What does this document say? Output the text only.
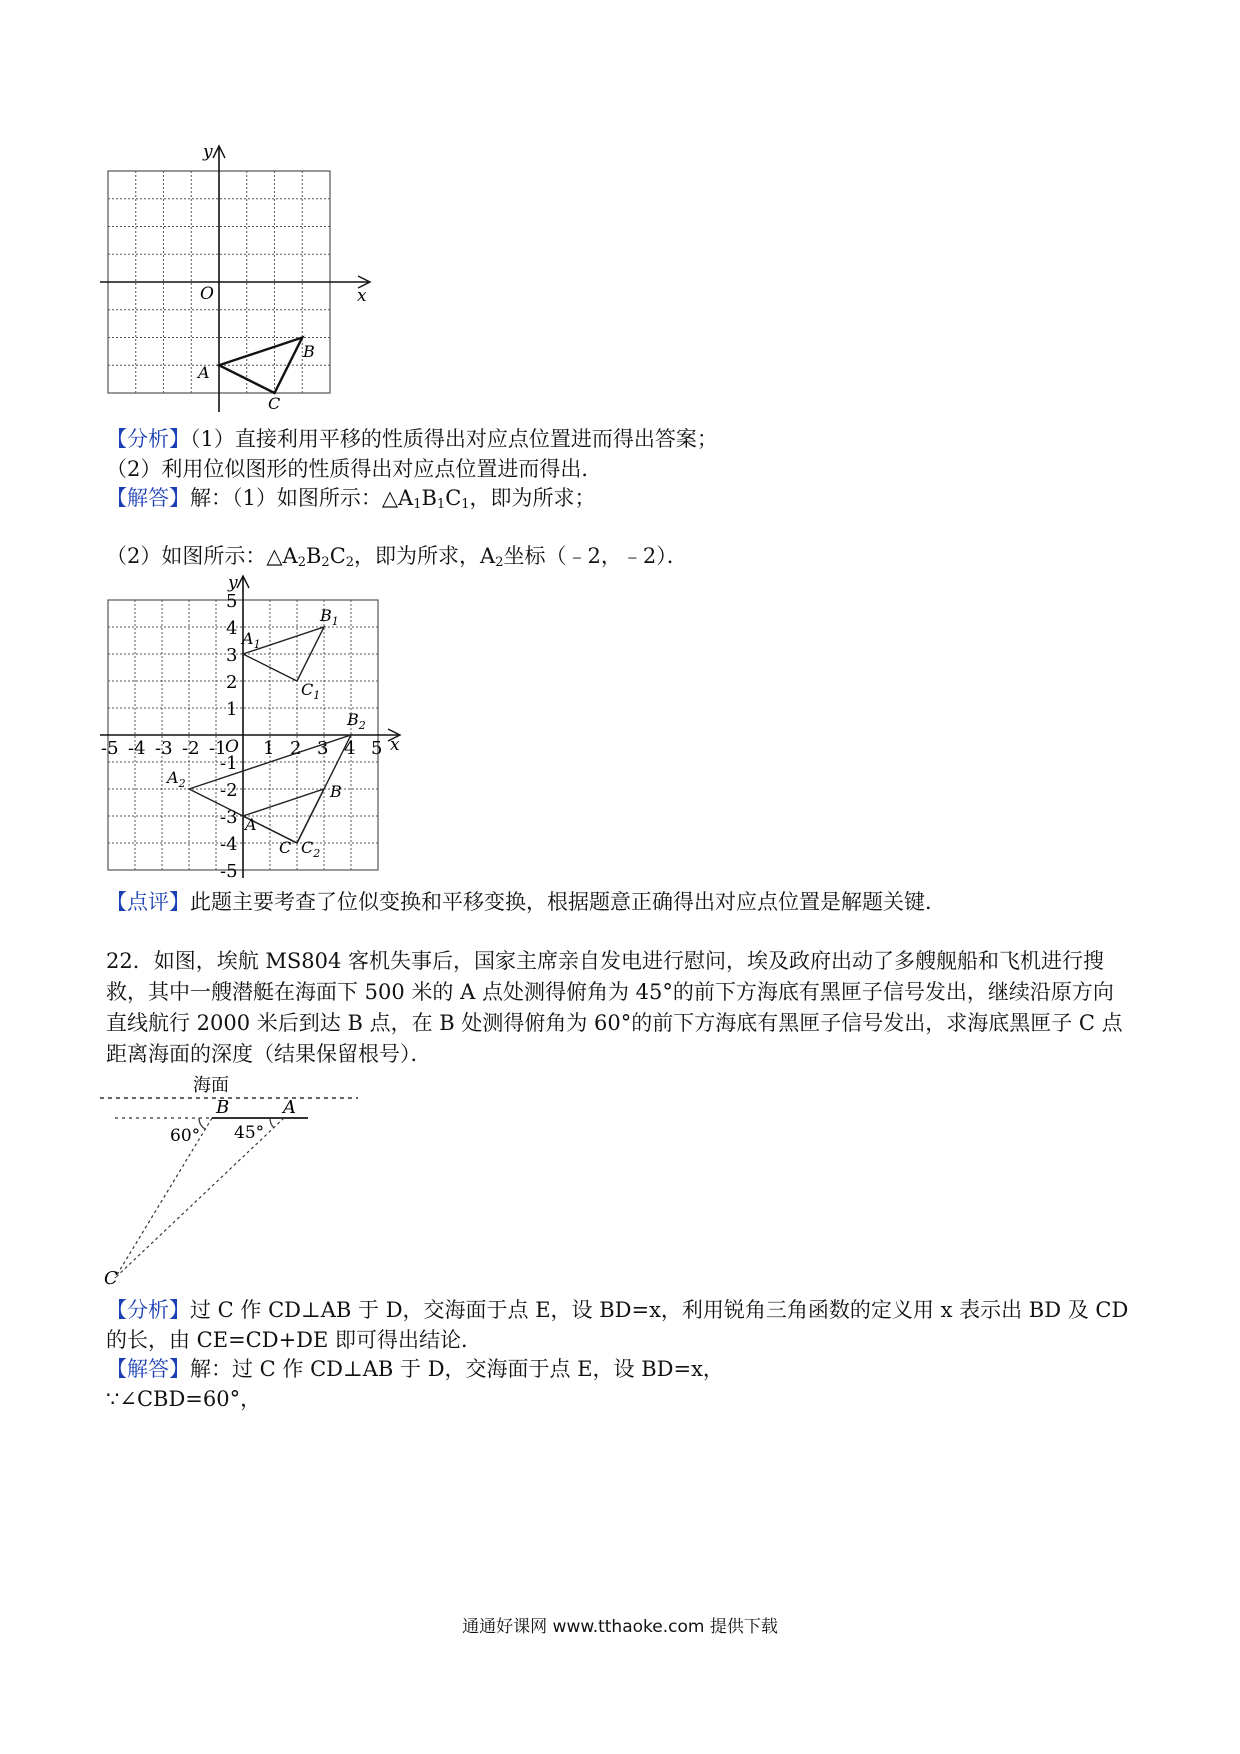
y
x
O
A
B
C
【分析】（1）直接利用平移的性质得出对应点位置进而得出答案；
（2）利用位似图形的性质得出对应点位置进而得出．
【解答】解：（1）如图所示：$\triangle A_1B_1C_1$，即为所求；
（2）如图所示：$\triangle A_2B_2C_2$，即为所求，$A_2$坐标（﹣2，﹣2）．
y
x
O
-5 -4 -3 -2 -1 1 2 3 4 5
5
4
3
2
1
-1
-2
-3
-4
-5
$A_1$
$B_1$
$C_1$
A
B
C
$A_2$
$B_2$
$C_2$
【点评】此题主要考查了位似变换和平移变换，根据题意正确得出对应点位置是解题关键．
22．如图，埃航 MS804 客机失事后，国家主席亲自发电进行慰问，埃及政府出动了多艘舰船和飞机进行搜
救，其中一艘潜艇在海面下 500 米的 A 点处测得俯角为 45°的前下方海底有黑匣子信号发出，继续沿原方向
直线航行 2000 米后到达 B 点，在 B 处测得俯角为 60°的前下方海底有黑匣子信号发出，求海底黑匣子 C 点
距离海面的深度（结果保留根号）．
海面
B	A
C
60° 45°
【分析】过 C 作 CD⊥AB 于 D，交海面于点 E，设 BD=x，利用锐角三角函数的定义用 x 表示出 BD 及 CD
的长，由 CE=CD+DE 即可得出结论．
【解答】解：过 C 作 CD⊥AB 于 D，交海面于点 E，设 BD=x，
∵∠CBD=60°，
通通好课网 www.tthaoke.com 提供下载
